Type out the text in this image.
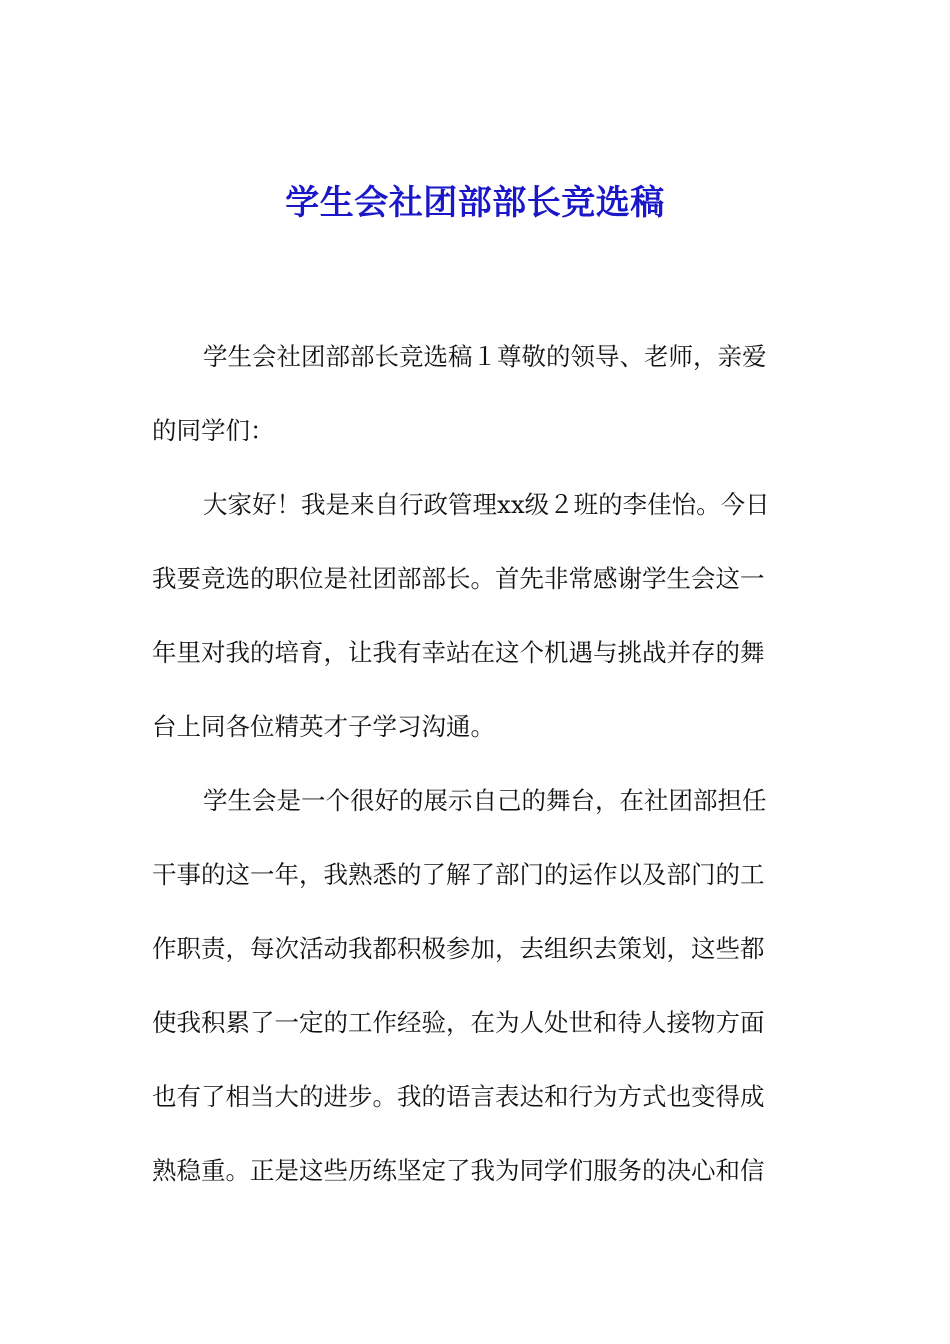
学生会社团部部长竞选稿
学生会社团部部长竞选稿１尊敬的领导、老师，亲爱
的同学们：
大家好！我是来自行政管理xx级２班的李佳怡。今日
我要竞选的职位是社团部部长。首先非常感谢学生会这一
年里对我的培育，让我有幸站在这个机遇与挑战并存的舞
台上同各位精英才子学习沟通。
学生会是一个很好的展示自己的舞台，在社团部担任
干事的这一年，我熟悉的了解了部门的运作以及部门的工
作职责，每次活动我都积极参加，去组织去策划，这些都
使我积累了一定的工作经验，在为人处世和待人接物方面
也有了相当大的进步。我的语言表达和行为方式也变得成
熟稳重。正是这些历练坚定了我为同学们服务的决心和信
